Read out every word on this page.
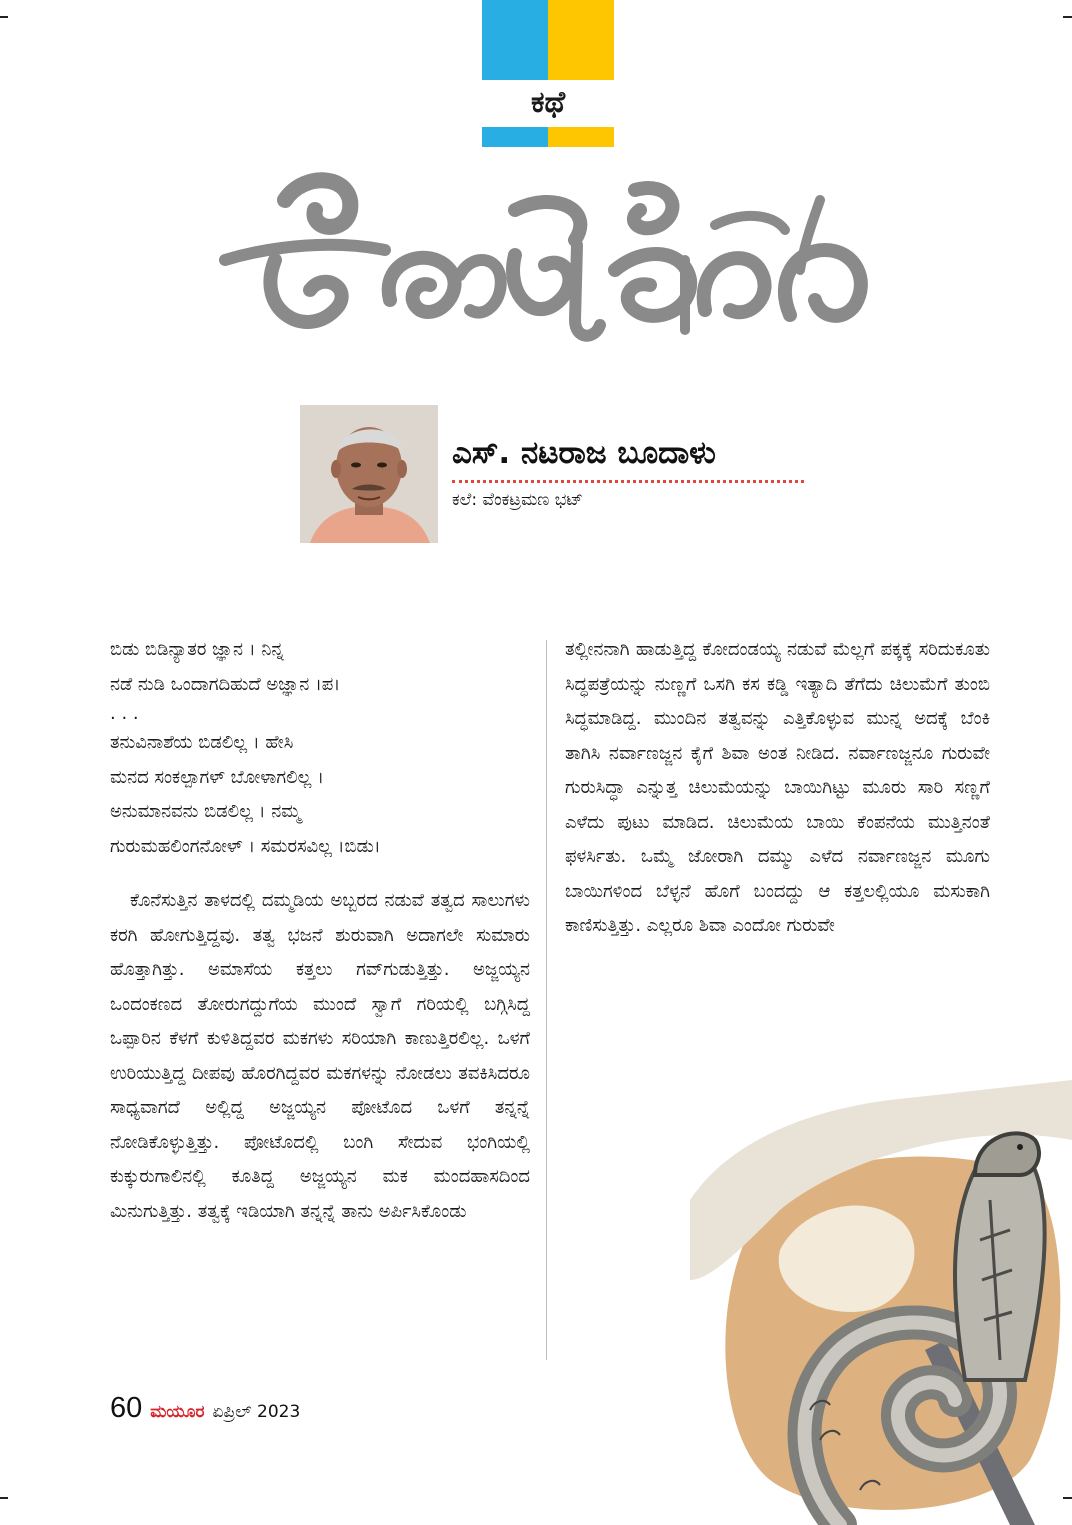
ಕಥೆ
ಎಸ್‌. ನಟರಾಜ ಬೂದಾಳು
ಕಲೆ: ವೆಂಕಟ್ರಮಣ ಭಟ್
ಬಿಡು ಬಿಡಿನ್ಯಾತರ ಜ್ಞಾನ । ನಿನ್ನ
ನಡೆ ನುಡಿ ಒಂದಾಗದಿಹುದೆ ಅಜ್ಞಾನ ।ಪ।
. . .
ತನುವಿನಾಶೆಯ ಬಿಡಲಿಲ್ಲ । ಹೇಸಿ
ಮನದ ಸಂಕಲ್ಪಾಗಳ್ ಬೋಳಾಗಲಿಲ್ಲ ।
ಅನುಮಾನವನು ಬಿಡಲಿಲ್ಲ । ನಮ್ಮ
ಗುರುಮಹಲಿಂಗನೋಳ್ । ಸಮರಸವಿಲ್ಲ ।ಬಿಡು।

ಕೊನೆಸುತ್ತಿನ ತಾಳದಲ್ಲಿ ದಮ್ಮಡಿಯ ಅಬ್ಬರದ ನಡುವೆ ತತ್ವದ ಸಾಲುಗಳು ಕರಗಿ ಹೋಗುತ್ತಿದ್ದವು. ತತ್ವ ಭಜನೆ ಶುರುವಾಗಿ ಅದಾಗಲೇ ಸುಮಾರು ಹೊತ್ತಾಗಿತ್ತು. ಅಮಾಸೆಯ ಕತ್ತಲು ಗವ್‌ಗುಡುತ್ತಿತ್ತು. ಅಜ್ಜಯ್ಯನ ಒಂದಂಕಣದ ತೋರುಗದ್ದುಗೆಯ ಮುಂದೆ ಸ್ವಾಗೆ ಗರಿಯಲ್ಲಿ ಬಗ್ಗಿಸಿದ್ದ ಒಪ್ಪಾರಿನ ಕೆಳಗೆ ಕುಳಿತಿದ್ದವರ ಮಕಗಳು ಸರಿಯಾಗಿ ಕಾಣುತ್ತಿರಲಿಲ್ಲ. ಒಳಗೆ ಉರಿಯುತ್ತಿದ್ದ ದೀಪವು ಹೊರಗಿದ್ದವರ ಮಕಗಳನ್ನು ನೋಡಲು ತವಕಿಸಿದರೂ ಸಾಧ್ಯವಾಗದೆ ಅಲ್ಲಿದ್ದ ಅಜ್ಜಯ್ಯನ ಪೋಟೊದ ಒಳಗೆ ತನ್ನನ್ನೆ ನೋಡಿಕೊಳ್ಳುತ್ತಿತ್ತು. ಪೋಟೊದಲ್ಲಿ ಬಂಗಿ ಸೇದುವ ಭಂಗಿಯಲ್ಲಿ ಕುಕ್ಕುರುಗಾಲಿನಲ್ಲಿ ಕೂತಿದ್ದ ಅಜ್ಜಯ್ಯನ ಮಕ ಮಂದಹಾಸದಿಂದ ಮಿನುಗುತ್ತಿತ್ತು. ತತ್ವಕ್ಕೆ ಇಡಿಯಾಗಿ ತನ್ನನ್ನೆ ತಾನು ಅರ್ಪಿಸಿಕೊಂಡು

ತಲ್ಲೀನನಾಗಿ ಹಾಡುತ್ತಿದ್ದ ಕೋದಂಡಯ್ಯ ನಡುವೆ ಮೆಲ್ಲಗೆ ಪಕ್ಕಕ್ಕೆ ಸರಿದುಕೂತು ಸಿದ್ಧಪತ್ರೆಯನ್ನು ನುಣ್ಣಗೆ ಒಸಗಿ ಕಸ ಕಡ್ಡಿ ಇತ್ಯಾದಿ ತೆಗೆದು ಚಿಲುಮೆಗೆ ತುಂಬಿ ಸಿದ್ಧಮಾಡಿದ್ದ. ಮುಂದಿನ ತತ್ವವನ್ನು ಎತ್ತಿಕೊಳ್ಳುವ ಮುನ್ನ ಅದಕ್ಕೆ ಬೆಂಕಿ ತಾಗಿಸಿ ನರ್ವಾಣಜ್ಜನ ಕೈಗೆ ಶಿವಾ ಅಂತ ನೀಡಿದ. ನರ್ವಾಣಜ್ಜನೂ ಗುರುವೇ ಗುರುಸಿದ್ಧಾ ಎನ್ನುತ್ತ ಚಿಲುಮೆಯನ್ನು ಬಾಯಿಗಿಟ್ಟು ಮೂರು ಸಾರಿ ಸಣ್ಣಗೆ ಎಳೆದು ಪುಟು ಮಾಡಿದ. ಚಿಲುಮೆಯ ಬಾಯಿ ಕೆಂಪನೆಯ ಮುತ್ತಿನಂತೆ ಫಳರ್ಸಿತು. ಒಮ್ಮೆ ಜೋರಾಗಿ ದಮ್ಮು ಎಳೆದ ನರ್ವಾಣಜ್ಜನ ಮೂಗು ಬಾಯಿಗಳಿಂದ ಬೆಳ್ಳನೆ ಹೊಗೆ ಬಂದದ್ದು ಆ ಕತ್ತಲಲ್ಲಿಯೂ ಮಸುಕಾಗಿ ಕಾಣಿಸುತ್ತಿತ್ತು. ಎಲ್ಲರೂ ಶಿವಾ ಎಂದೋ ಗುರುವೇ

60 ಮಯೂರ ಏಪ್ರಿಲ್ 2023
